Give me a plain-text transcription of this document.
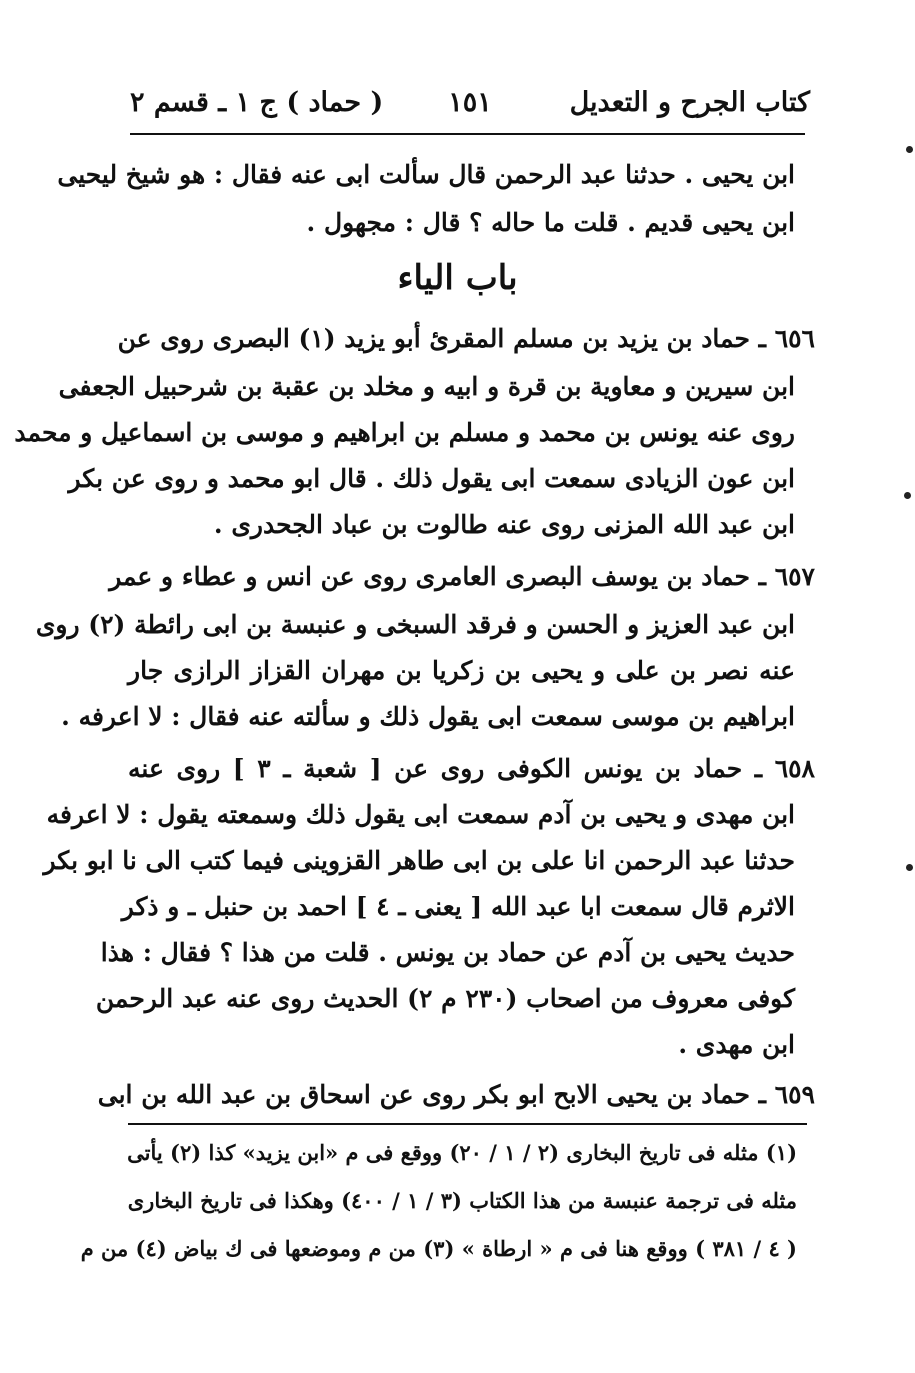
كتاب الجرح و التعديل
١٥١
( حماد ) ج ١ ـ قسم ٢
ابن يحيى . حدثنا عبد الرحمن قال سألت ابى عنه فقال : هو شيخ ليحيى
ابن يحيى قديم . قلت ما حاله ؟ قال : مجهول .
باب الياء
٦٥٦ ـ حماد بن يزيد بن مسلم المقرئ أبو يزيد (١) البصرى روى عن
ابن سيرين و معاوية بن قرة و ابيه و مخلد بن عقبة بن شرحبيل الجعفى
روى عنه يونس بن محمد و مسلم بن ابراهيم و موسى بن اسماعيل و محمد
ابن عون الزيادى سمعت ابى يقول ذلك . قال ابو محمد و روى عن بكر
ابن عبد الله المزنى روى عنه طالوت بن عباد الجحدرى .
٦٥٧ ـ حماد بن يوسف البصرى العامرى روى عن انس و عطاء و عمر
ابن عبد العزيز و الحسن و فرقد السبخى و عنبسة بن ابى رائطة (٢) روى
عنه نصر بن على و يحيى بن زكريا بن مهران القزاز الرازى جار
ابراهيم بن موسى سمعت ابى يقول ذلك و سألته عنه فقال : لا اعرفه .
٦٥٨ ـ حماد بن يونس الكوفى روى عن [ شعبة ـ ٣ ] روى عنه
ابن مهدى و يحيى بن آدم سمعت ابى يقول ذلك وسمعته يقول : لا اعرفه
حدثنا عبد الرحمن انا على بن ابى طاهر القزوينى فيما كتب الى نا ابو بكر
الاثرم قال سمعت ابا عبد الله [ يعنى ـ ٤ ] احمد بن حنبل ـ و ذكر
حديث يحيى بن آدم عن حماد بن يونس . قلت من هذا ؟ فقال : هذا
كوفى معروف من اصحاب (٢٣٠ م ٢) الحديث روى عنه عبد الرحمن
ابن مهدى .
٦٥٩ ـ حماد بن يحيى الابح ابو بكر روى عن اسحاق بن عبد الله بن ابى
(١) مثله فى تاريخ البخارى (٢ / ١ / ٢٠) ووقع فى م «ابن يزيد» كذا (٢) يأتى
مثله فى ترجمة عنبسة من هذا الكتاب (٣ / ١ / ٤٠٠) وهكذا فى تاريخ البخارى
( ٤ / ٣٨١ ) ووقع هنا فى م « ارطاة » (٣) من م وموضعها فى ك بياض (٤) من م
